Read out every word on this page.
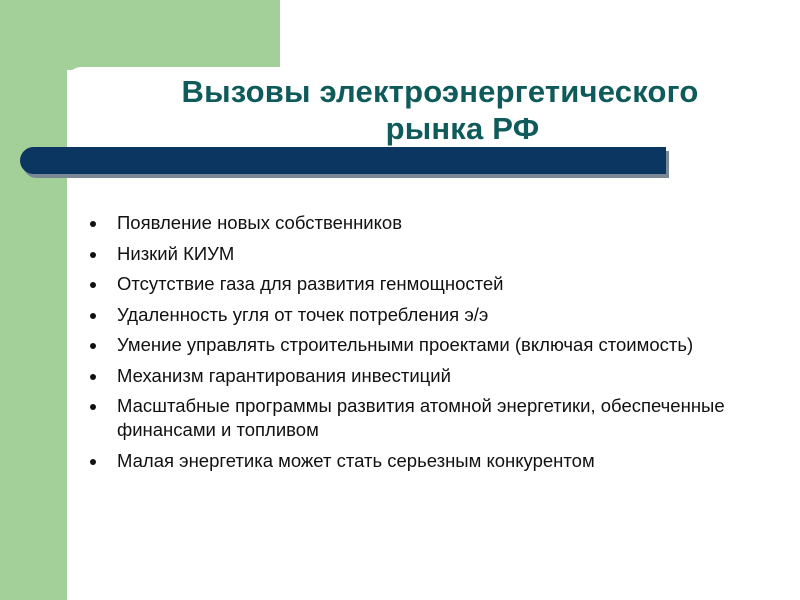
Вызовы электроэнергетического
рынка РФ
Появление новых собственников
Низкий КИУМ
Отсутствие газа для развития генмощностей
Удаленность угля от точек потребления э/э
Умение управлять строительными проектами (включая стоимость)
Механизм гарантирования инвестиций
Масштабные программы развития атомной энергетики, обеспеченные финансами и топливом
Малая энергетика может стать серьезным конкурентом
